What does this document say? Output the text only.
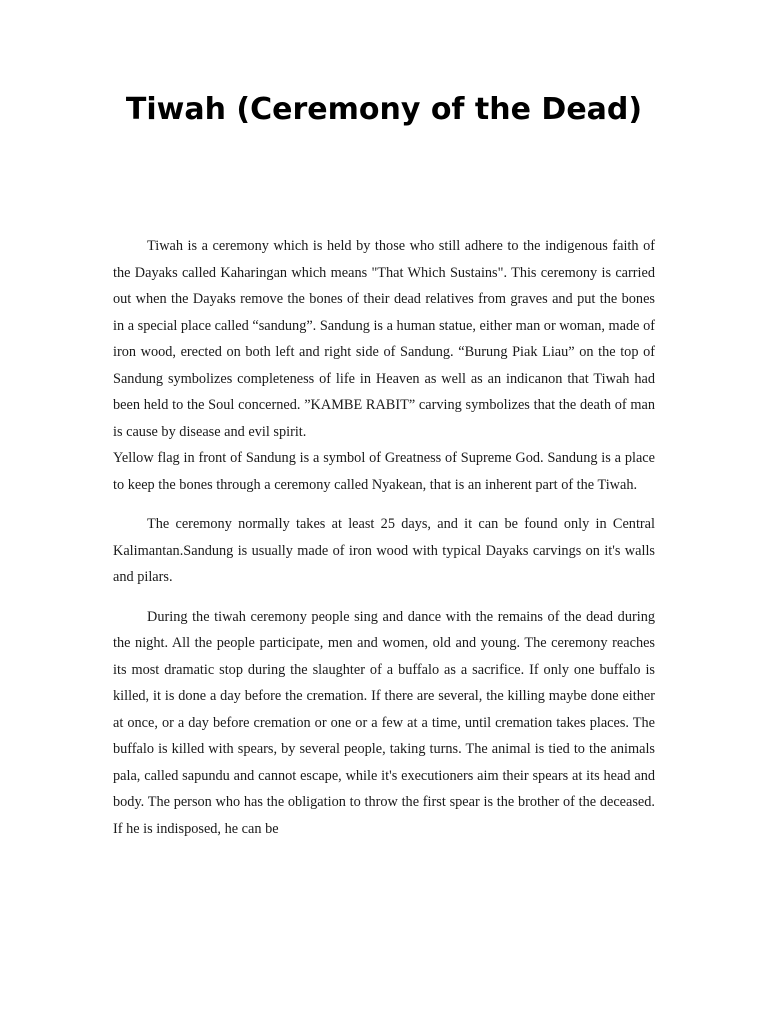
Tiwah (Ceremony of the Dead)

Tiwah is a ceremony which is held by those who still adhere to the indigenous faith of the Dayaks called Kaharingan which means "That Which Sustains". This ceremony is carried out when the Dayaks remove the bones of their dead relatives from graves and put the bones in a special place called “sandung”. Sandung is a human statue, either man or woman, made of iron wood, erected on both left and right side of Sandung. “Burung Piak Liau” on the top of Sandung symbolizes completeness of life in Heaven as well as an indicanon that Tiwah had been held to the Soul concerned. ”KAMBE RABIT” carving symbolizes that the death of man is cause by disease and evil spirit.

Yellow flag in front of Sandung is a symbol of Greatness of Supreme God. Sandung is a place to keep the bones through a ceremony called Nyakean, that is an inherent part of the Tiwah.

The ceremony normally takes at least 25 days, and it can be found only in Central Kalimantan.Sandung is usually made of iron wood with typical Dayaks carvings on it's walls and pilars.

During the tiwah ceremony people sing and dance with the remains of the dead during the night. All the people participate, men and women, old and young. The ceremony reaches its most dramatic stop during the slaughter of a buffalo as a sacrifice. If only one buffalo is killed, it is done a day before the cremation. If there are several, the killing maybe done either at once, or a day before cremation or one or a few at a time, until cremation takes places. The buffalo is killed with spears, by several people, taking turns. The animal is tied to the animals pala, called sapundu and cannot escape, while it's executioners aim their spears at its head and body. The person who has the obligation to throw the first spear is the brother of the deceased. If he is indisposed, he can be
